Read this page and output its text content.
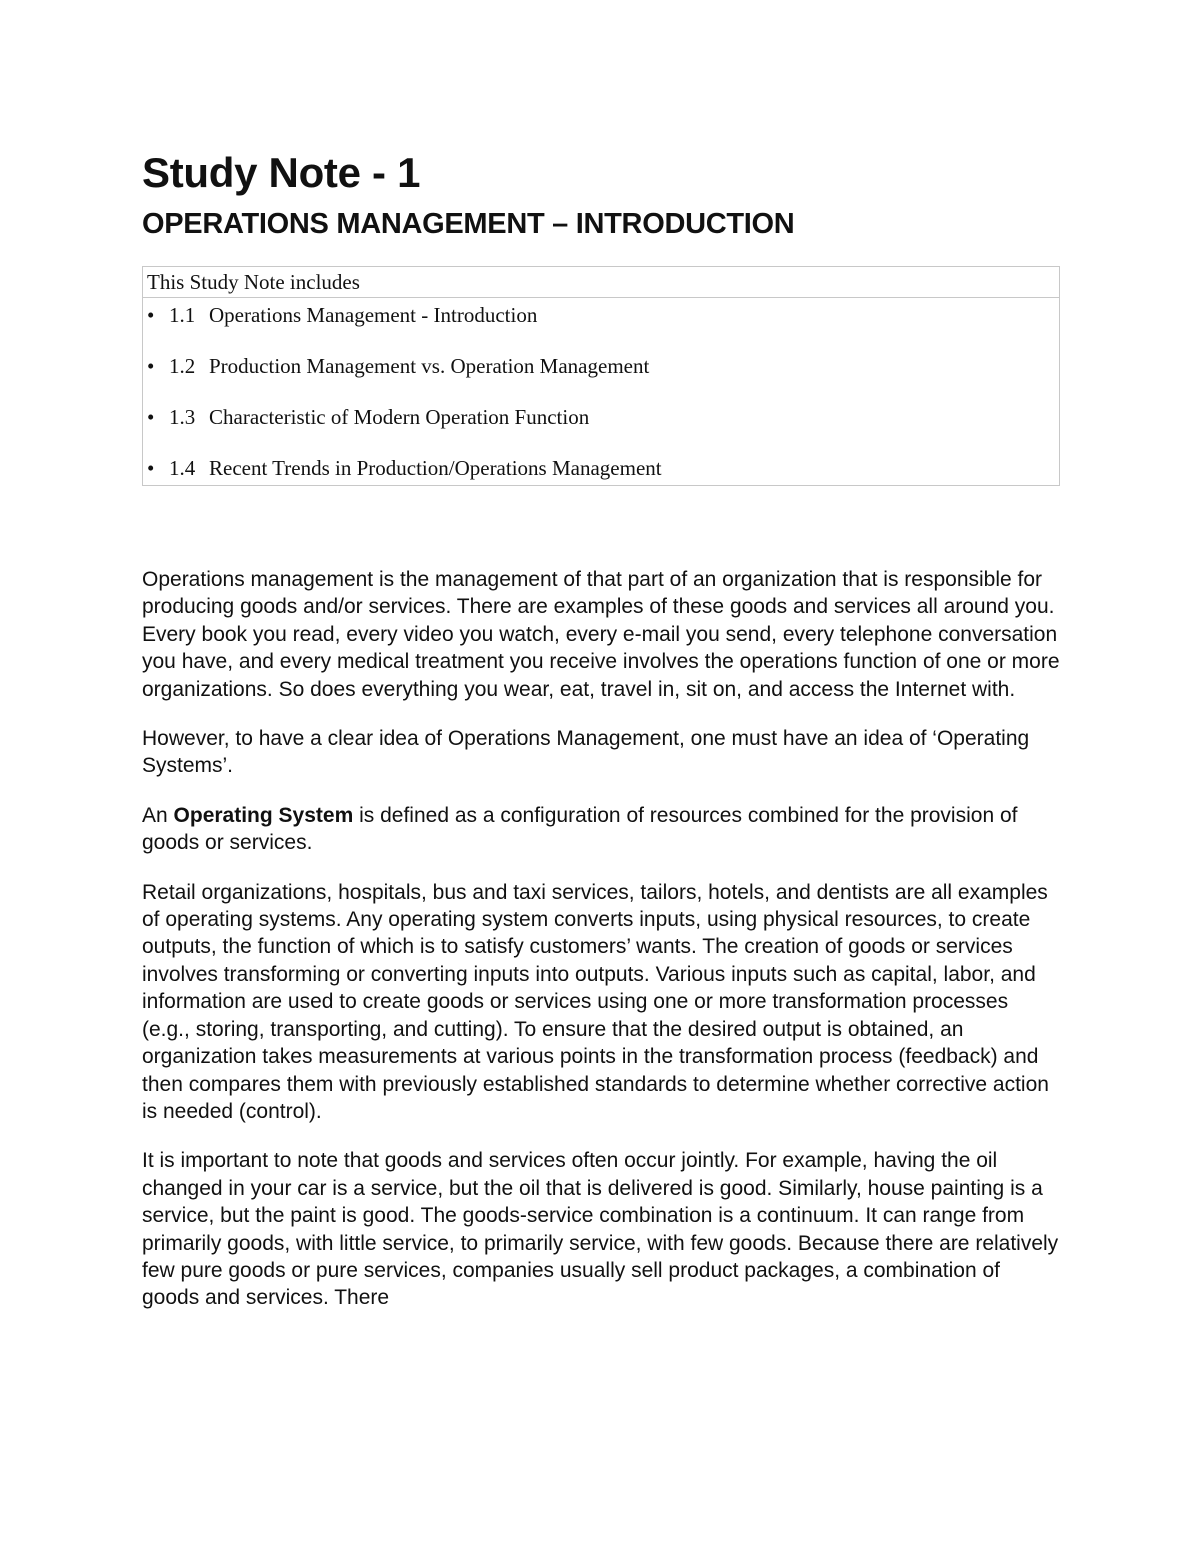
Study Note - 1
OPERATIONS MANAGEMENT – INTRODUCTION
This Study Note includes
• 1.1 Operations Management - Introduction
• 1.2 Production Management vs. Operation Management
• 1.3 Characteristic of Modern Operation Function
• 1.4 Recent Trends in Production/Operations Management

Operations management is the management of that part of an organization that is responsible for producing goods and/or services. There are examples of these goods and services all around you. Every book you read, every video you watch, every e-mail you send, every telephone conversation you have, and every medical treatment you receive involves the operations function of one or more organizations. So does everything you wear, eat, travel in, sit on, and access the Internet with.

However, to have a clear idea of Operations Management, one must have an idea of ‘Operating Systems’.

An Operating System is defined as a configuration of resources combined for the provision of goods or services.

Retail organizations, hospitals, bus and taxi services, tailors, hotels, and dentists are all examples of operating systems. Any operating system converts inputs, using physical resources, to create outputs, the function of which is to satisfy customers’ wants. The creation of goods or services involves transforming or converting inputs into outputs. Various inputs such as capital, labor, and information are used to create goods or services using one or more transformation processes (e.g., storing, transporting, and cutting). To ensure that the desired output is obtained, an organization takes measurements at various points in the transformation process (feedback) and then compares them with previously established standards to determine whether corrective action is needed (control).

It is important to note that goods and services often occur jointly. For example, having the oil changed in your car is a service, but the oil that is delivered is good. Similarly, house painting is a service, but the paint is good. The goods-service combination is a continuum. It can range from primarily goods, with little service, to primarily service, with few goods. Because there are relatively few pure goods or pure services, companies usually sell product packages, a combination of goods and services. There
